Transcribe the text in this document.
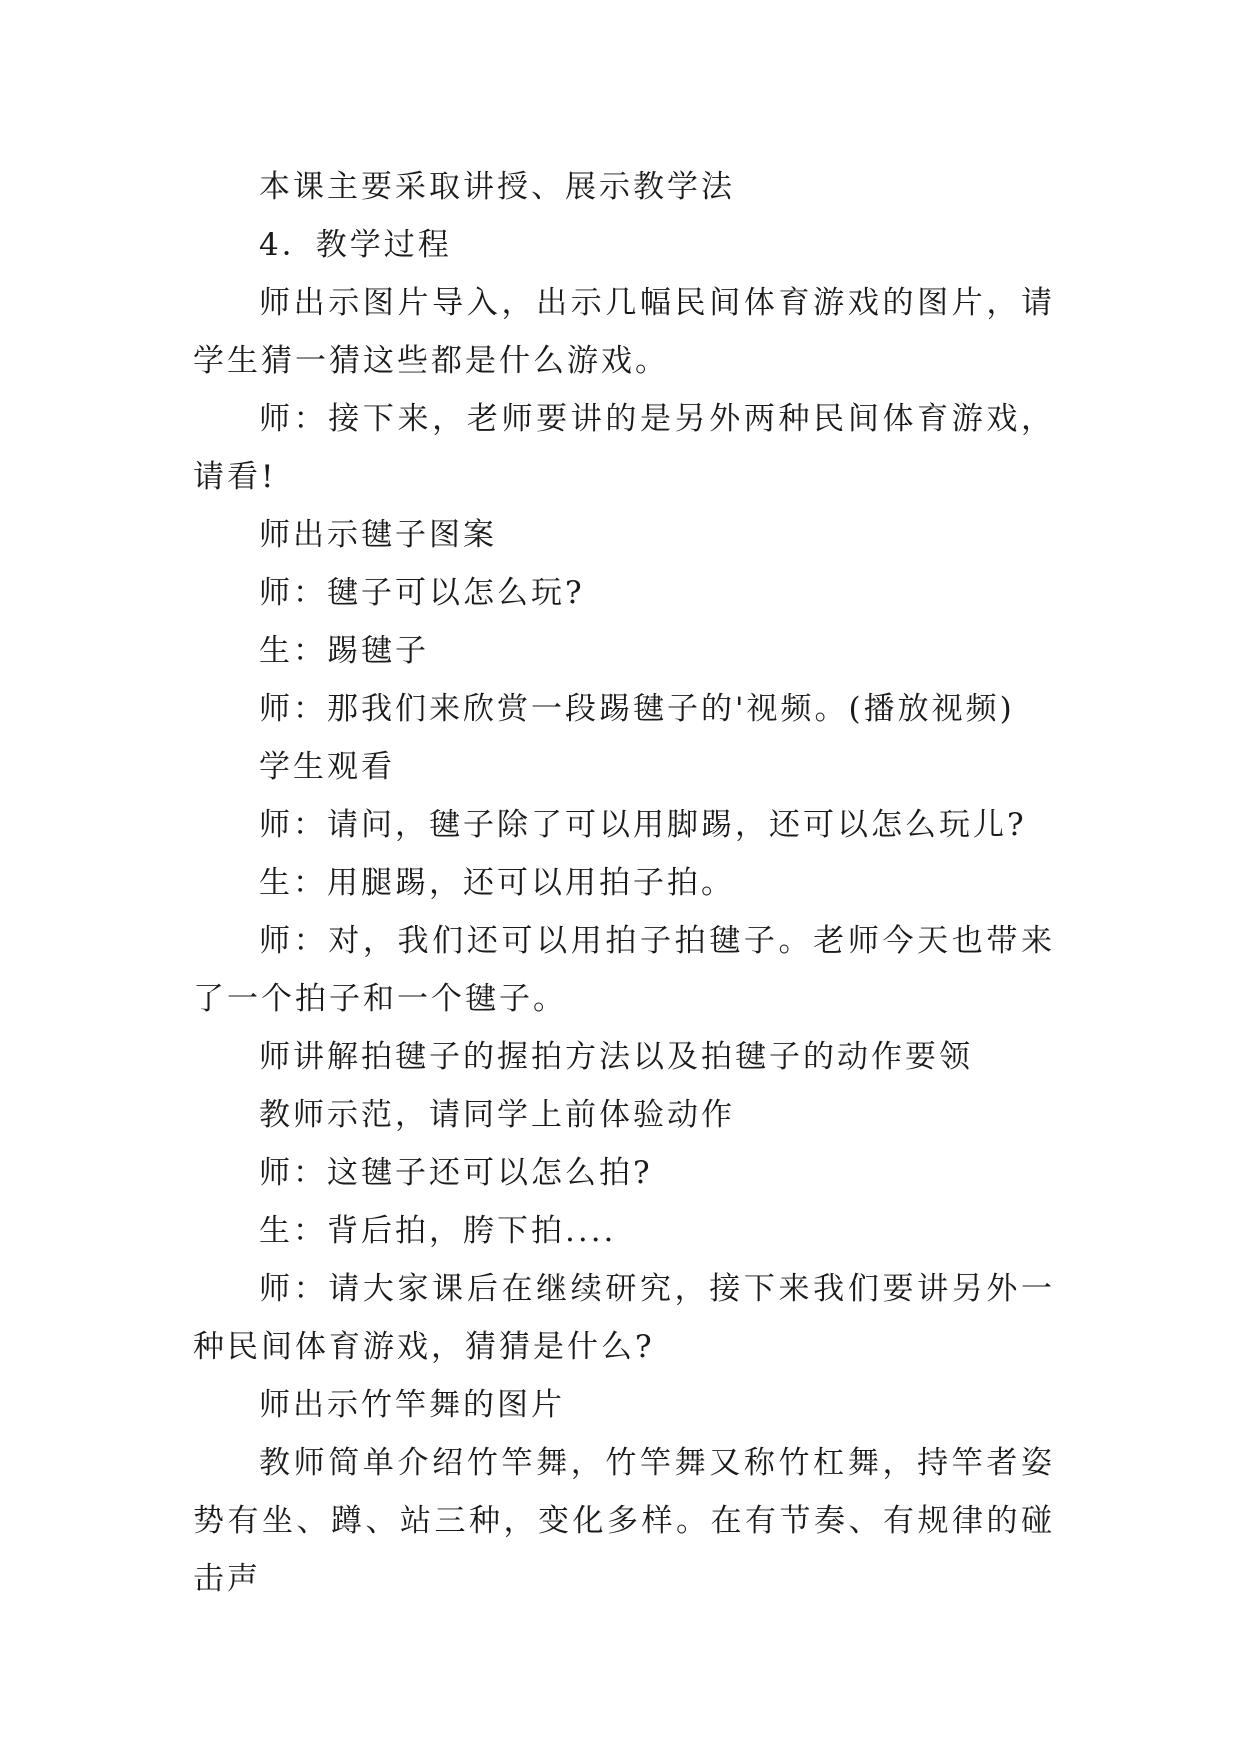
本课主要采取讲授、展示教学法

4．教学过程

师出示图片导入，出示几幅民间体育游戏的图片，请学生猜一猜这些都是什么游戏。

师：接下来，老师要讲的是另外两种民间体育游戏，请看!

师出示毽子图案

师：毽子可以怎么玩?

生：踢毽子

师：那我们来欣赏一段踢毽子的'视频。(播放视频)

学生观看

师：请问，毽子除了可以用脚踢，还可以怎么玩儿?

生：用腿踢，还可以用拍子拍。

师：对，我们还可以用拍子拍毽子。老师今天也带来了一个拍子和一个毽子。

师讲解拍毽子的握拍方法以及拍毽子的动作要领

教师示范，请同学上前体验动作

师：这毽子还可以怎么拍?

生：背后拍，胯下拍....

师：请大家课后在继续研究，接下来我们要讲另外一种民间体育游戏，猜猜是什么?

师出示竹竿舞的图片

教师简单介绍竹竿舞，竹竿舞又称竹杠舞，持竿者姿势有坐、蹲、站三种，变化多样。在有节奏、有规律的碰击声
